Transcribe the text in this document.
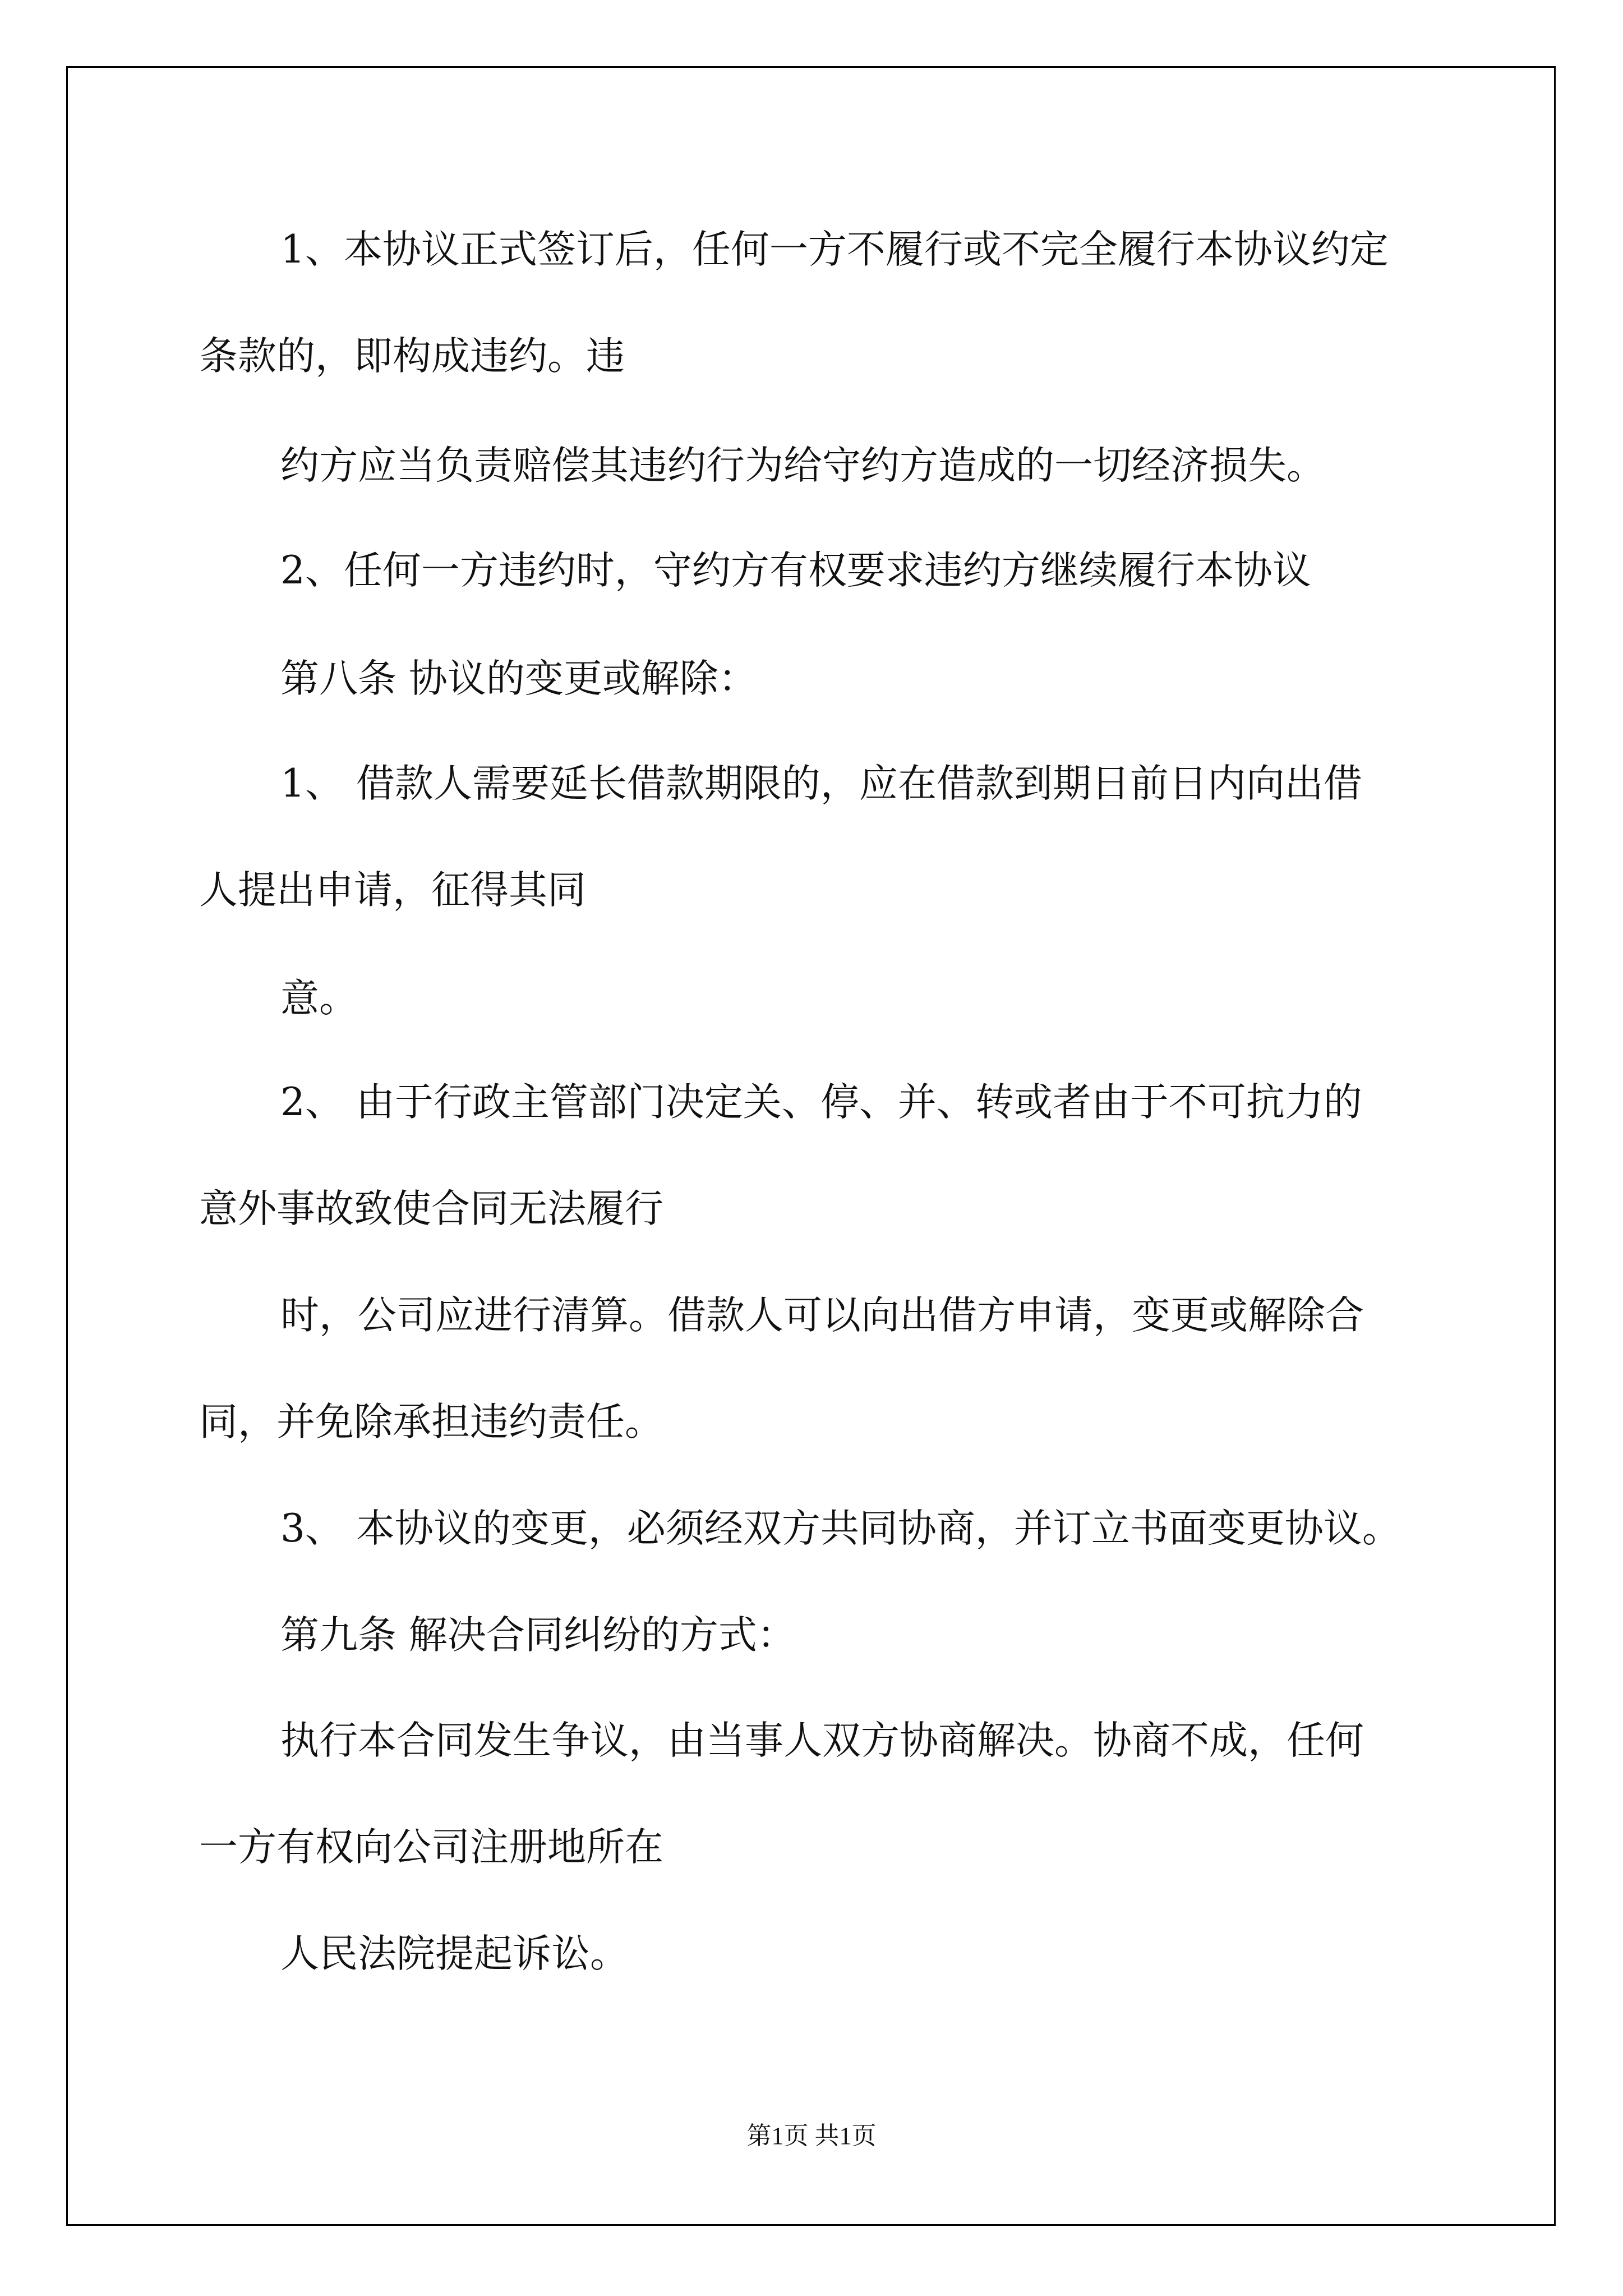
1、本协议正式签订后，任何一方不履行或不完全履行本协议约定

条款的，即构成违约。违

约方应当负责赔偿其违约行为给守约方造成的一切经济损失。

2、任何一方违约时，守约方有权要求违约方继续履行本协议

第八条 协议的变更或解除：

1、 借款人需要延长借款期限的，应在借款到期日前日内向出借

人提出申请，征得其同

意。

2、 由于行政主管部门决定关、停、并、转或者由于不可抗力的

意外事故致使合同无法履行

时，公司应进行清算。借款人可以向出借方申请，变更或解除合

同，并免除承担违约责任。

3、 本协议的变更，必须经双方共同协商，并订立书面变更协议。

第九条 解决合同纠纷的方式：

执行本合同发生争议，由当事人双方协商解决。协商不成，任何

一方有权向公司注册地所在

人民法院提起诉讼。

第1页 共1页
